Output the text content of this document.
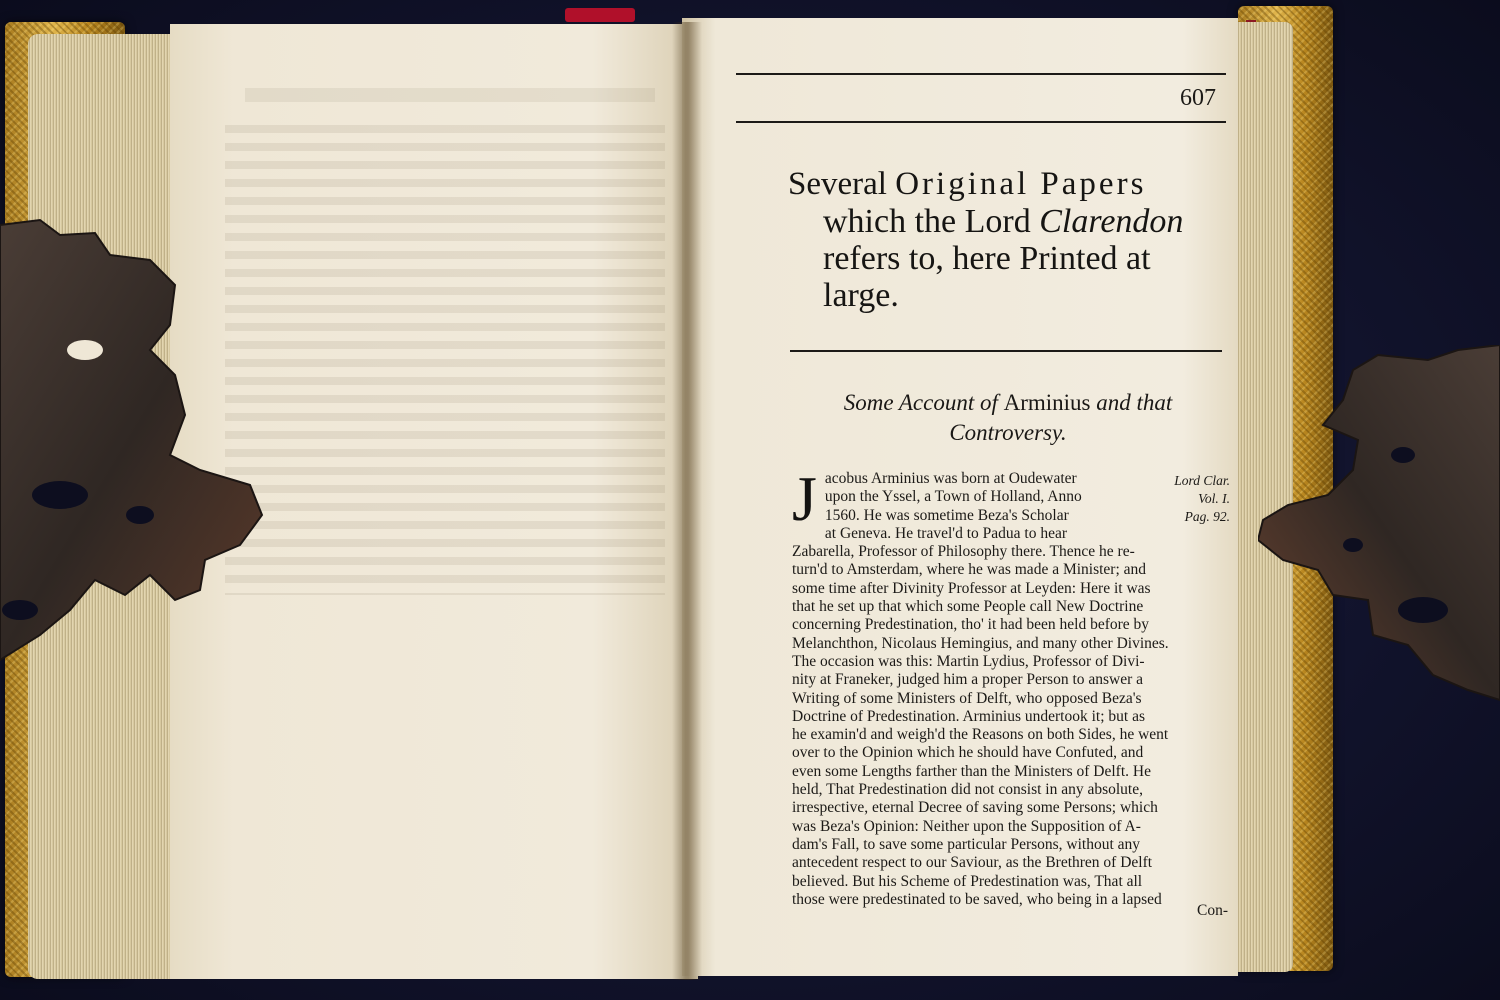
607
Several Original Papers
which the Lord Clarendon
refers to, here Printed at
large.
Some Account of Arminius and that
Controversy.
Lord Clar.
Vol. I.
Pag. 92.
J acobus Arminius was born at Oudewater
upon the Yssel, a Town of Holland, Anno
1560. He was sometime Beza's Scholar
at Geneva. He travel'd to Padua to hear
Zabarella, Professor of Philosophy there. Thence he re-
turn'd to Amsterdam, where he was made a Minister; and
some time after Divinity Professor at Leyden: Here it was
that he set up that which some People call New Doctrine
concerning Predestination, tho' it had been held before by
Melanchthon, Nicolaus Hemingius, and many other Divines.
The occasion was this: Martin Lydius, Professor of Divi-
nity at Franeker, judged him a proper Person to answer a
Writing of some Ministers of Delft, who opposed Beza's
Doctrine of Predestination. Arminius undertook it; but as
he examin'd and weigh'd the Reasons on both Sides, he went
over to the Opinion which he should have Confuted, and
even some Lengths farther than the Ministers of Delft. He
held, That Predestination did not consist in any absolute,
irrespective, eternal Decree of saving some Persons; which
was Beza's Opinion: Neither upon the Supposition of A-
dam's Fall, to save some particular Persons, without any
antecedent respect to our Saviour, as the Brethren of Delft
believed. But his Scheme of Predestination was, That all
those were predestinated to be saved, who being in a lapsed
Con-
